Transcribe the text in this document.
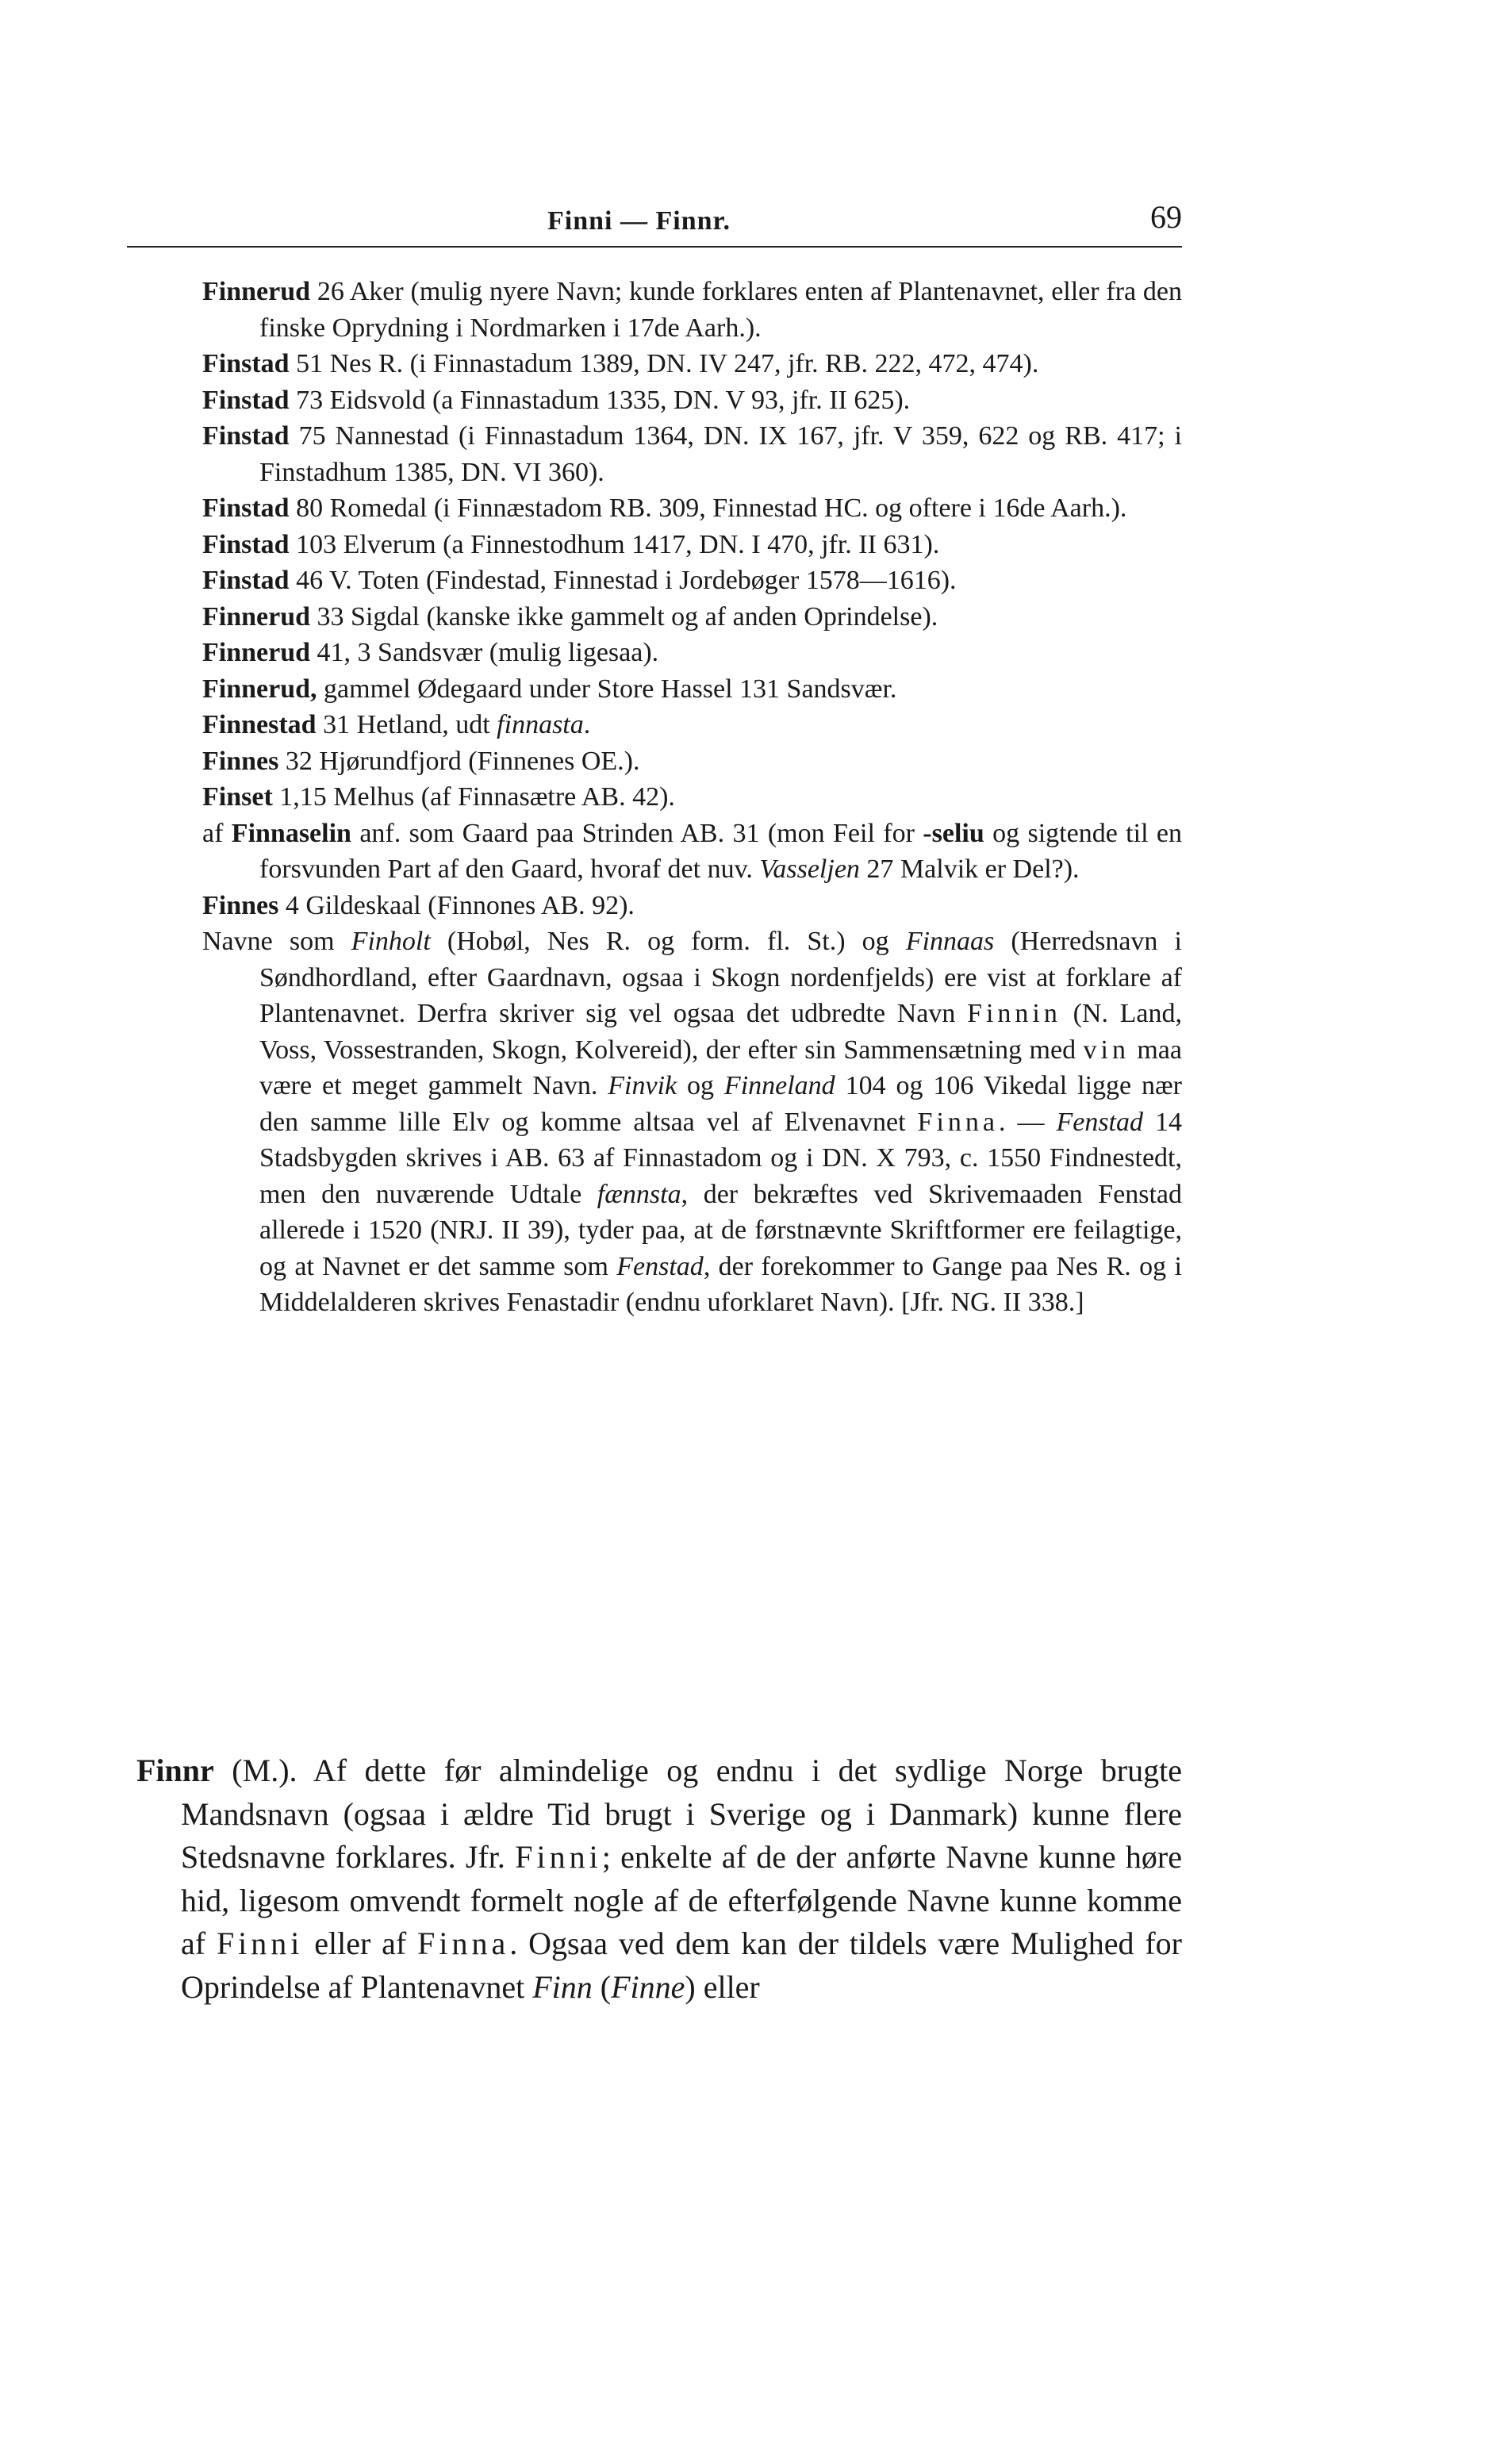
Finni — Finnr.	69

Finnerud 26 Aker (mulig nyere Navn; kunde forklares enten af Plantenavnet, eller fra den finske Oprydning i Nordmarken i 17de Aarh.).

Finstad 51 Nes R. (i Finnastadum 1389, DN. IV 247, jfr. RB. 222, 472, 474).

Finstad 73 Eidsvold (a Finnastadum 1335, DN. V 93, jfr. II 625).

Finstad 75 Nannestad (i Finnastadum 1364, DN. IX 167, jfr. V 359, 622 og RB. 417; i Finstadhum 1385, DN. VI 360).

Finstad 80 Romedal (i Finnæstadom RB. 309, Finnestad HC. og oftere i 16de Aarh.).

Finstad 103 Elverum (a Finnestodhum 1417, DN. I 470, jfr. II 631).

Finstad 46 V. Toten (Findestad, Finnestad i Jordebøger 1578—1616).

Finnerud 33 Sigdal (kanske ikke gammelt og af anden Oprindelse).

Finnerud 41, 3 Sandsvær (mulig ligesaa).

Finnerud, gammel Ødegaard under Store Hassel 131 Sandsvær.

Finnestad 31 Hetland, udt finnasta.

Finnes 32 Hjørundfjord (Finnenes OE.).

Finset 1,15 Melhus (af Finnasætre AB. 42).

af Finnaselin anf. som Gaard paa Strinden AB. 31 (mon Feil for -seliu og sigtende til en forsvunden Part af den Gaard, hvoraf det nuv. Vasseljen 27 Malvik er Del?).

Finnes 4 Gildeskaal (Finnones AB. 92).

Navne som Finholt (Hobøl, Nes R. og form. fl. St.) og Finnaas (Herredsnavn i Søndhordland, efter Gaardnavn, ogsaa i Skogn nordenfjelds) ere vist at forklare af Plantenavnet. Derfra skriver sig vel ogsaa det udbredte Navn Finnin (N. Land, Voss, Vossestranden, Skogn, Kolvereid), der efter sin Sammensætning med vin maa være et meget gammelt Navn. Finvik og Finneland 104 og 106 Vikedal ligge nær den samme lille Elv og komme altsaa vel af Elvenavnet Finna. — Fenstad 14 Stadsbygden skrives i AB. 63 af Finnastadom og i DN. X 793, c. 1550 Findnestedt, men den nuværende Udtale fænnsta, der bekræftes ved Skrivemaaden Fenstad allerede i 1520 (NRJ. II 39), tyder paa, at de førstnævnte Skriftformer ere feilagtige, og at Navnet er det samme som Fenstad, der forekommer to Gange paa Nes R. og i Middelalderen skrives Fenastadir (endnu uforklaret Navn). [Jfr. NG. II 338.]

Finnr (M.). Af dette før almindelige og endnu i det sydlige Norge brugte Mandsnavn (ogsaa i ældre Tid brugt i Sverige og i Danmark) kunne flere Stedsnavne forklares. Jfr. Finni; enkelte af de der anførte Navne kunne høre hid, ligesom omvendt formelt nogle af de efterfølgende Navne kunne komme af Finni eller af Finna. Ogsaa ved dem kan der tildels være Mulighed for Oprindelse af Plantenavnet Finn (Finne) eller
